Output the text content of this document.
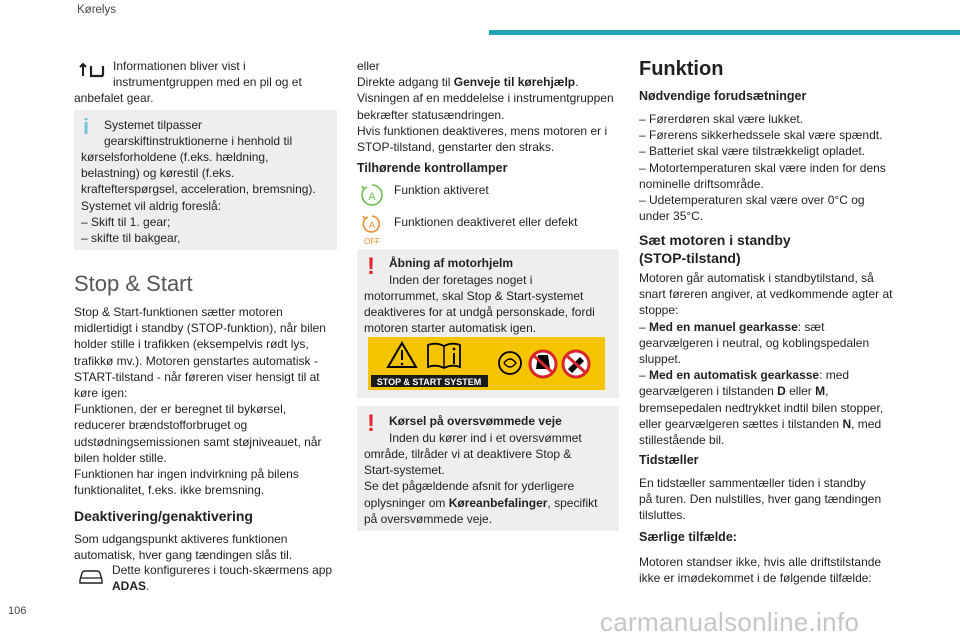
Kørelys
Informationen bliver vist i
instrumentgruppen med en pil og et
anbefalet gear.
i Systemet tilpasser
gearskiftinstruktionerne i henhold til
kørselsforholdene (f.eks. hældning,
belastning) og kørestil (f.eks.
kraftefterspørgsel, acceleration, bremsning).
Systemet vil aldrig foreslå:
– Skift til 1. gear;
– skifte til bakgear,
Stop & Start
Stop & Start-funktionen sætter motoren
midlertidigt i standby (STOP-funktion), når bilen
holder stille i trafikken (eksempelvis rødt lys,
trafikkø mv.). Motoren genstartes automatisk -
START-tilstand - når føreren viser hensigt til at
køre igen:
Funktionen, der er beregnet til bykørsel,
reducerer brændstofforbruget og
udstødningsemissionen samt støjniveauet, når
bilen holder stille.
Funktionen har ingen indvirkning på bilens
funktionalitet, f.eks. ikke bremsning.
Deaktivering/genaktivering
Som udgangspunkt aktiveres funktionen
automatisk, hver gang tændingen slås til.
Dette konfigureres i touch-skærmens app
ADAS.
eller
Direkte adgang til Genveje til kørehjælp.
Visningen af en meddelelse i instrumentgruppen
bekræfter statusændringen.
Hvis funktionen deaktiveres, mens motoren er i
STOP-tilstand, genstarter den straks.
Tilhørende kontrollamper
A Funktion aktiveret
A
OFF
Funktionen deaktiveret eller defekt
! Åbning af motorhjelm
Inden der foretages noget i
motorrummet, skal Stop & Start-systemet
deaktiveres for at undgå personskade, fordi
motoren starter automatisk igen.
STOP & START SYSTEM
! Kørsel på oversvømmede veje
Inden du kører ind i et oversvømmet
område, tilråder vi at deaktivere Stop &
Start-systemet.
Se det pågældende afsnit for yderligere
oplysninger om Køreanbefalinger, specifikt
på oversvømmede veje.
Funktion
Nødvendige forudsætninger
– Førerdøren skal være lukket.
– Førerens sikkerhedssele skal være spændt.
– Batteriet skal være tilstrækkeligt opladet.
– Motortemperaturen skal være inden for dens
nominelle driftsområde.
– Udetemperaturen skal være over 0°C og
under 35°C.
Sæt motoren i standby
(STOP-tilstand)
Motoren går automatisk i standbytilstand, så
snart føreren angiver, at vedkommende agter at
stoppe:
– Med en manuel gearkasse: sæt
gearvælgeren i neutral, og koblingspedalen
sluppet.
– Med en automatisk gearkasse: med
gearvælgeren i tilstanden D eller M,
bremsepedalen nedtrykket indtil bilen stopper,
eller gearvælgeren sættes i tilstanden N, med
stillestående bil.
Tidstæller
En tidstæller sammentæller tiden i standby
på turen. Den nulstilles, hver gang tændingen
tilsluttes.
Særlige tilfælde:
Motoren standser ikke, hvis alle driftstilstande
ikke er imødekommet i de følgende tilfælde:
106	carmanualsonline.info
